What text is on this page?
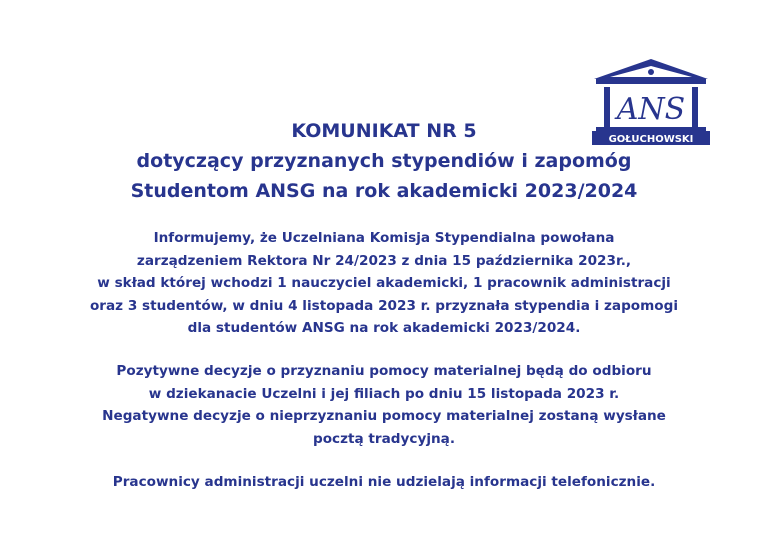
ANS
GOŁUCHOWSKI
KOMUNIKAT NR 5
dotyczący przyznanych stypendiów i zapomóg
Studentom ANSG na rok akademicki 2023/2024
Informujemy, że Uczelniana Komisja Stypendialna powołana
zarządzeniem Rektora Nr 24/2023 z dnia 15 października 2023r.,
w skład której wchodzi 1 nauczyciel akademicki, 1 pracownik administracji
oraz 3 studentów, w dniu 4 listopada 2023 r. przyznała stypendia i zapomogi
dla studentów ANSG na rok akademicki 2023/2024.
Pozytywne decyzje o przyznaniu pomocy materialnej będą do odbioru
w dziekanacie Uczelni i jej filiach po dniu 15 listopada 2023 r.
Negatywne decyzje o nieprzyznaniu pomocy materialnej zostaną wysłane
pocztą tradycyjną.
Pracownicy administracji uczelni nie udzielają informacji telefonicznie.
